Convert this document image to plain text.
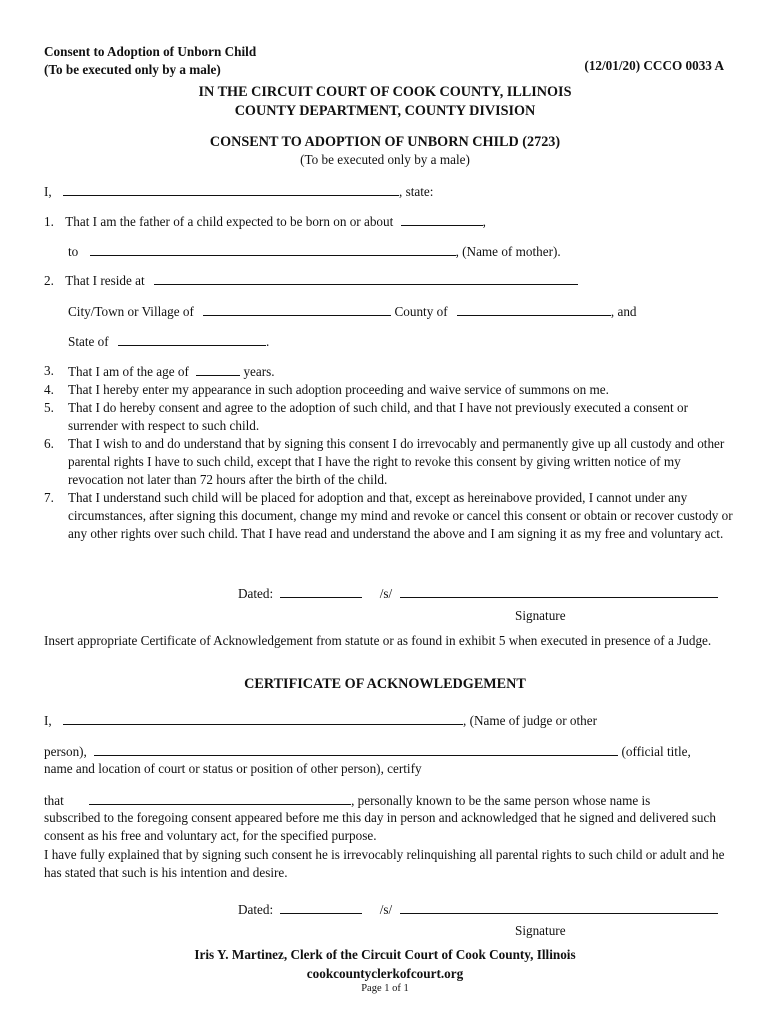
Consent to Adoption of Unborn Child
(To be executed only by a male)	(12/01/20) CCCO 0033 A
IN THE CIRCUIT COURT OF COOK COUNTY, ILLINOIS
COUNTY DEPARTMENT, COUNTY DIVISION
CONSENT TO ADOPTION OF UNBORN CHILD (2723)
(To be executed only by a male)
I,	, state:
1. That I am the father of a child expected to be born on or about	,
to	, (Name of mother).
2. That I reside at
City/Town or Village of	County of	, and
State of	.
3. That I am of the age of	years.
4. That I hereby enter my appearance in such adoption proceeding and waive service of summons on me.
5. That I do hereby consent and agree to the adoption of such child, and that I have not previously executed a consent or surrender with respect to such child.
6. That I wish to and do understand that by signing this consent I do irrevocably and permanently give up all custody and other parental rights I have to such child, except that I have the right to revoke this consent by giving written notice of my revocation not later than 72 hours after the birth of the child.
7. That I understand such child will be placed for adoption and that, except as hereinabove provided, I cannot under any circumstances, after signing this document, change my mind and revoke or cancel this consent or obtain or recover custody or any other rights over such child. That I have read and understand the above and I am signing it as my free and voluntary act.
Dated:	/s/
Signature
Insert appropriate Certificate of Acknowledgement from statute or as found in exhibit 5 when executed in presence of a Judge.
CERTIFICATE OF ACKNOWLEDGEMENT
I,	, (Name of judge or other
person),	(official title,
name and location of court or status or position of other person), certify
that	, personally known to be the same person whose name is
subscribed to the foregoing consent appeared before me this day in person and acknowledged that he signed and delivered such consent as his free and voluntary act, for the specified purpose.
I have fully explained that by signing such consent he is irrevocably relinquishing all parental rights to such child or adult and he has stated that such is his intention and desire.
Dated:	/s/
Signature
Iris Y. Martinez, Clerk of the Circuit Court of Cook County, Illinois
cookcountyclerkofcourt.org
Page 1 of 1
